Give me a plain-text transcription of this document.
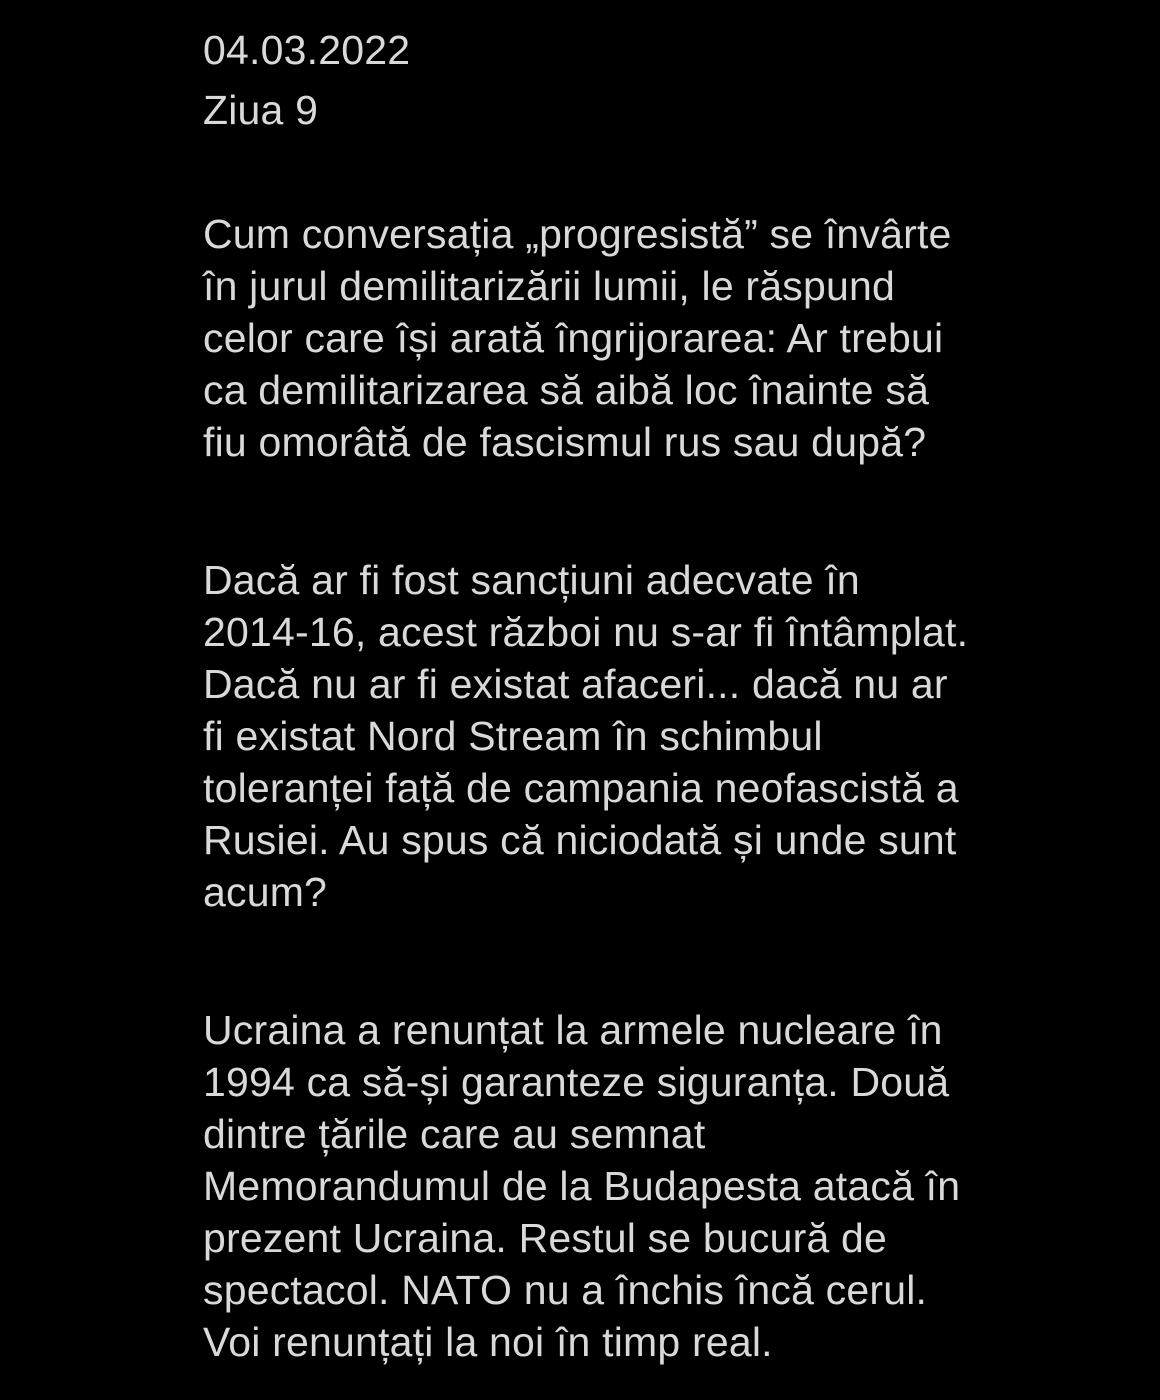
04.03.2022
Ziua 9
Cum conversația „progresistă” se învârte
în jurul demilitarizării lumii, le răspund
celor care își arată îngrijorarea: Ar trebui
ca demilitarizarea să aibă loc înainte să
fiu omorâtă de fascismul rus sau după?
Dacă ar fi fost sancțiuni adecvate în
2014-16, acest război nu s-ar fi întâmplat.
Dacă nu ar fi existat afaceri... dacă nu ar
fi existat Nord Stream în schimbul
toleranței față de campania neofascistă a
Rusiei. Au spus că niciodată și unde sunt
acum?
Ucraina a renunțat la armele nucleare în
1994 ca să-și garanteze siguranța. Două
dintre țările care au semnat
Memorandumul de la Budapesta atacă în
prezent Ucraina. Restul se bucură de
spectacol. NATO nu a închis încă cerul.
Voi renunțați la noi în timp real.
